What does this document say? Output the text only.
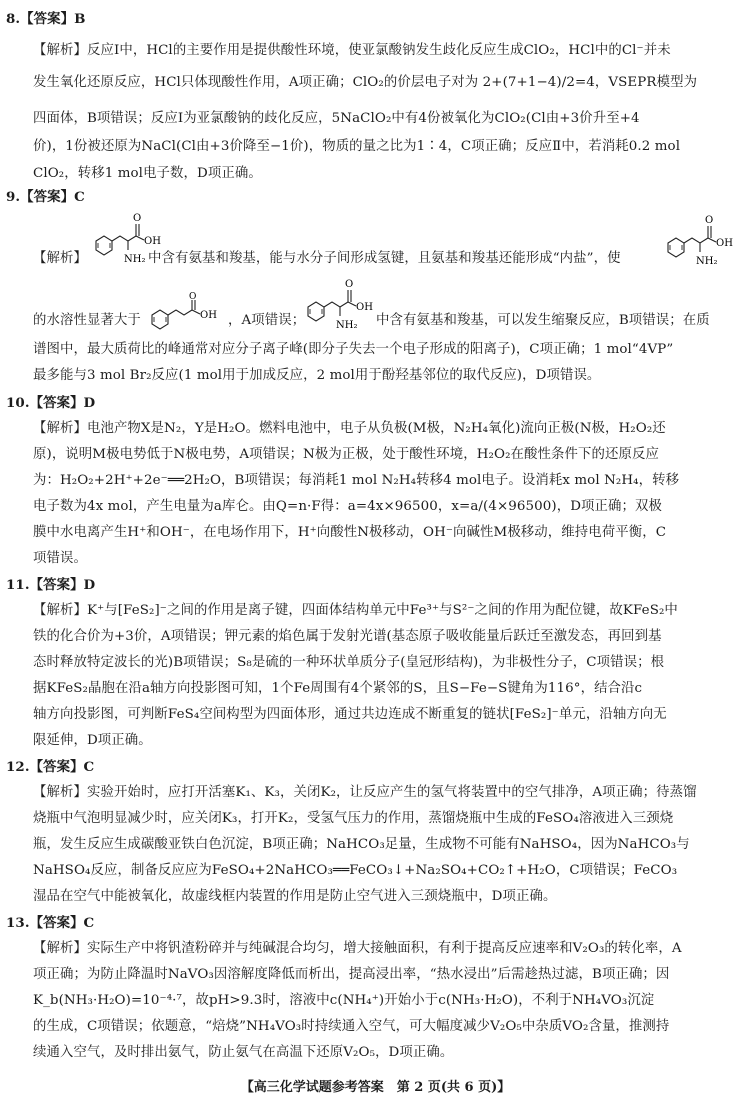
8.【答案】B
【解析】反应Ⅰ中，HCl的主要作用是提供酸性环境，使亚氯酸钠发生歧化反应生成ClO₂，HCl中的Cl⁻并未
发生氧化还原反应，HCl只体现酸性作用，A项正确；ClO₂的价层电子对为 2+(7+1−4)/2=4，VSEPR模型为
四面体，B项错误；反应Ⅰ为亚氯酸钠的歧化反应，5NaClO₂中有4份被氧化为ClO₂(Cl由+3价升至+4
价)，1份被还原为NaCl(Cl由+3价降至−1价)，物质的量之比为1∶4，C项正确；反应Ⅱ中，若消耗0.2 mol
ClO₂，转移1 mol电子数，D项正确。
9.【答案】C
【解析】
O
OH
NH₂ 中含有氨基和羧基，能与水分子间形成氢键，且氨基和羧基还能形成“内盐”，使
O
OH
NH₂
的水溶性显著大于
O
OH ，A项错误；
O
OH
NH₂ 中含有氨基和羧基，可以发生缩聚反应，B项错误；在质
谱图中，最大质荷比的峰通常对应分子离子峰(即分子失去一个电子形成的阳离子)，C项正确；1 mol“4VP”
最多能与3 mol Br₂反应(1 mol用于加成反应，2 mol用于酚羟基邻位的取代反应)，D项错误。
10.【答案】D
【解析】电池产物X是N₂，Y是H₂O。燃料电池中，电子从负极(M极，N₂H₄氧化)流向正极(N极，H₂O₂还
原)，说明M极电势低于N极电势，A项错误；N极为正极，处于酸性环境，H₂O₂在酸性条件下的还原反应
为：H₂O₂+2H⁺+2e⁻══2H₂O，B项错误；每消耗1 mol N₂H₄转移4 mol电子。设消耗x mol N₂H₄，转移
电子数为4x mol，产生电量为a库仑。由Q=n·F得：a=4x×96500，x=a/(4×96500)，D项正确；双极
膜中水电离产生H⁺和OH⁻，在电场作用下，H⁺向酸性N极移动，OH⁻向碱性M极移动，维持电荷平衡，C
项错误。
11.【答案】D
【解析】K⁺与[FeS₂]⁻之间的作用是离子键，四面体结构单元中Fe³⁺与S²⁻之间的作用为配位键，故KFeS₂中
铁的化合价为+3价，A项错误；钾元素的焰色属于发射光谱(基态原子吸收能量后跃迁至激发态，再回到基
态时释放特定波长的光)B项错误；S₈是硫的一种环状单质分子(皇冠形结构)，为非极性分子，C项错误；根
据KFeS₂晶胞在沿a轴方向投影图可知，1个Fe周围有4个紧邻的S，且S−Fe−S键角为116°，结合沿c
轴方向投影图，可判断FeS₄空间构型为四面体形，通过共边连成不断重复的链状[FeS₂]⁻单元，沿轴方向无
限延伸，D项正确。
12.【答案】C
【解析】实验开始时，应打开活塞K₁、K₃，关闭K₂，让反应产生的氢气将装置中的空气排净，A项正确；待蒸馏
烧瓶中气泡明显减少时，应关闭K₃，打开K₂，受氢气压力的作用，蒸馏烧瓶中生成的FeSO₄溶液进入三颈烧
瓶，发生反应生成碳酸亚铁白色沉淀，B项正确；NaHCO₃足量，生成物不可能有NaHSO₄，因为NaHCO₃与
NaHSO₄反应，制备反应应为FeSO₄+2NaHCO₃══FeCO₃↓+Na₂SO₄+CO₂↑+H₂O，C项错误；FeCO₃
湿品在空气中能被氧化，故虚线框内装置的作用是防止空气进入三颈烧瓶中，D项正确。
13.【答案】C
【解析】实际生产中将钒渣粉碎并与纯碱混合均匀，增大接触面积，有利于提高反应速率和V₂O₃的转化率，A
项正确；为防止降温时NaVO₃因溶解度降低而析出，提高浸出率，“热水浸出”后需趁热过滤，B项正确；因
K_b(NH₃·H₂O)=10⁻⁴·⁷，故pH>9.3时，溶液中c(NH₄⁺)开始小于c(NH₃·H₂O)，不利于NH₄VO₃沉淀
的生成，C项错误；依题意，“焙烧”NH₄VO₃时持续通入空气，可大幅度减少V₂O₅中杂质VO₂含量，推测持
续通入空气，及时排出氨气，防止氨气在高温下还原V₂O₅，D项正确。
【高三化学试题参考答案　第 2 页(共 6 页)】
